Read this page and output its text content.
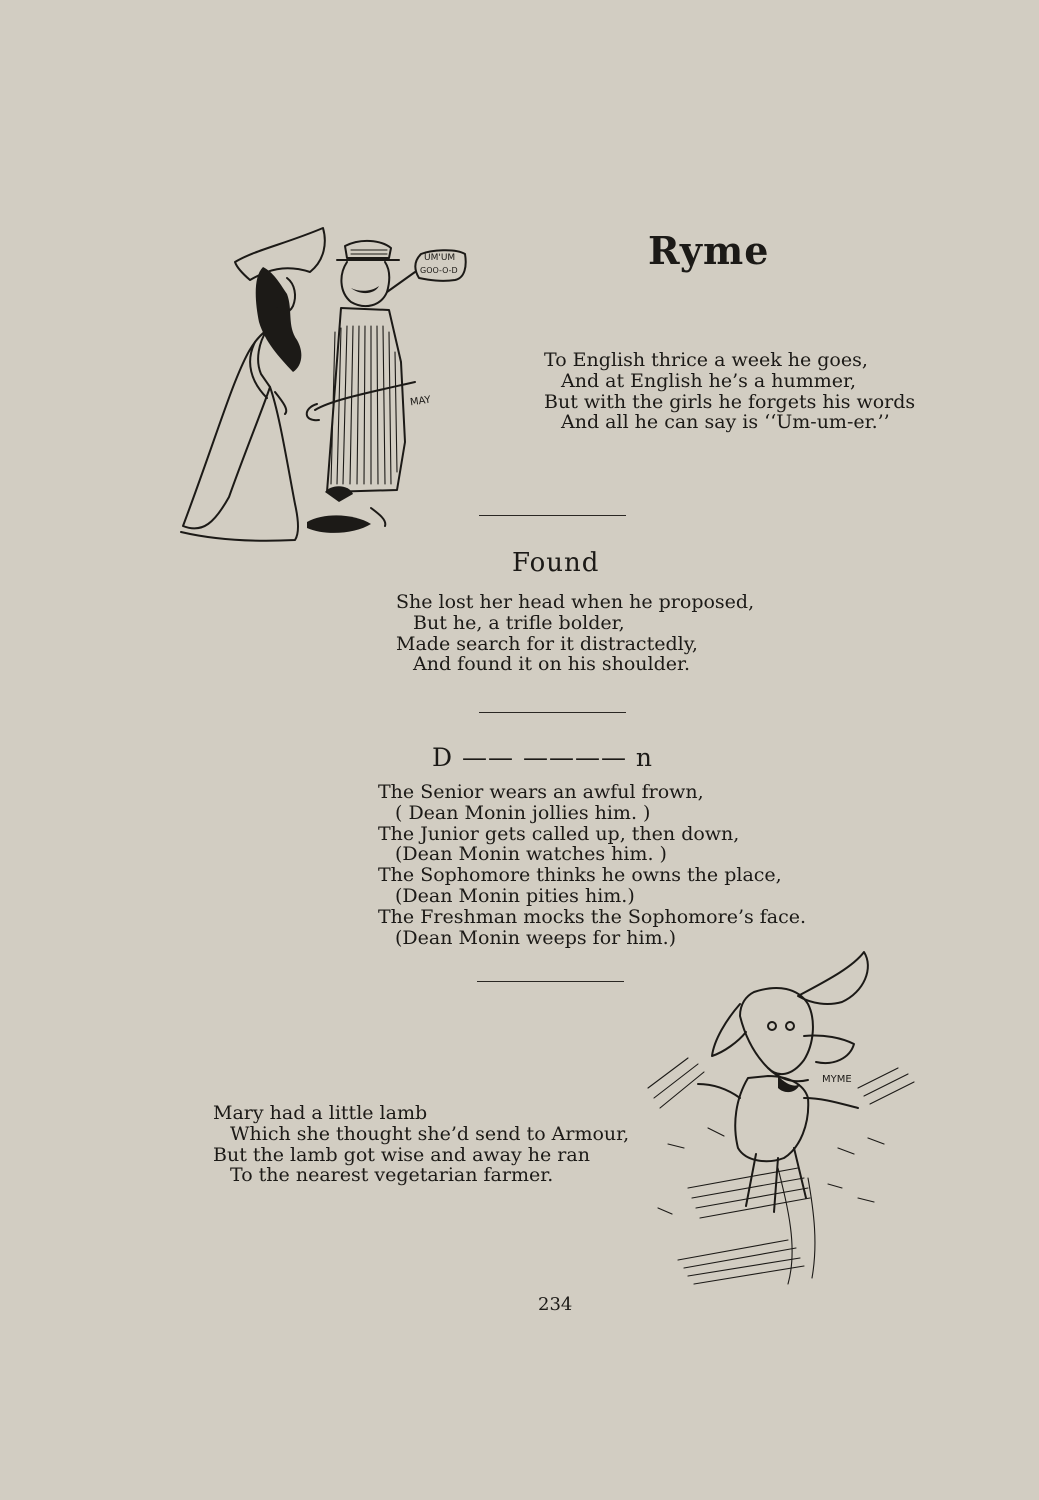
UM'UM
GOO-O-D
MAY
Ryme
To English thrice a week he goes,
And at English he’s a hummer,
But with the girls he forgets his words
And all he can say is ‘‘Um-um-er.’’
Found
She lost her head when he proposed,
But he, a trifle bolder,
Made search for it distractedly,
And found it on his shoulder.
D —— ———— n
The Senior wears an awful frown,
( Dean Monin jollies him. )
The Junior gets called up, then down,
(Dean Monin watches him. )
The Sophomore thinks he owns the place,
(Dean Monin pities him.)
The Freshman mocks the Sophomore’s face.
(Dean Monin weeps for him.)
MYME
Mary had a little lamb
Which she thought she’d send to Armour,
But the lamb got wise and away he ran
To the nearest vegetarian farmer.
234
